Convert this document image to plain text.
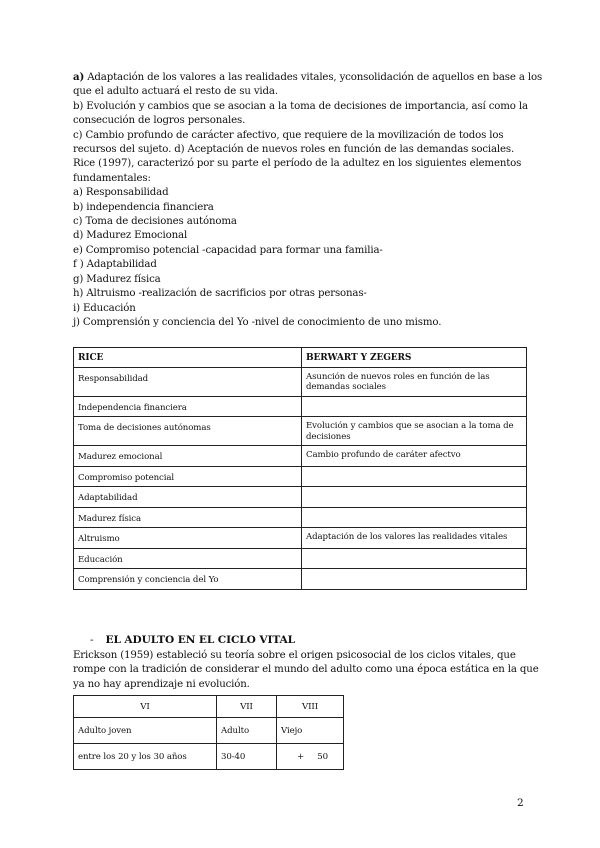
a) Adaptación de los valores a las realidades vitales, yconsolidación de aquellos en base a los
que el adulto actuará el resto de su vida.
b) Evolución y cambios que se asocian a la toma de decisiones de importancia, así como la
consecución de logros personales.
c) Cambio profundo de carácter afectivo, que requiere de la movilización de todos los
recursos del sujeto. d) Aceptación de nuevos roles en función de las demandas sociales.
Rice (1997), caracterizó por su parte el período de la adultez en los siguientes elementos
fundamentales:
a) Responsabilidad
b) independencia financiera
c) Toma de decisiones autónoma
d) Madurez Emocional
e) Compromiso potencial -capacidad para formar una familia-
f ) Adaptabilidad
g) Madurez física
h) Altruismo -realización de sacrificios por otras personas-
i) Educación
j) Comprensión y conciencia del Yo -nivel de conocimiento de uno mismo.
RICE	BERWART Y ZEGERS
Responsabilidad	Asunción de nuevos roles en función de las demandas sociales
Independencia financiera	
Toma de decisiones autónomas	Evolución y cambios que se asocian a la toma de decisiones
Madurez emocional	Cambio profundo de caráter afectvo
Compromiso potencial	
Adaptabilidad	
Madurez física	
Altruismo	Adaptación de los valores las realidades vitales
Educación	
Comprensión y conciencia del Yo	
- EL ADULTO EN EL CICLO VITAL
Erickson (1959) estableció su teoría sobre el origen psicosocial de los ciclos vitales, que
rompe con la tradición de considerar el mundo del adulto como una época estática en la que
ya no hay aprendizaje ni evolución.
VI	VII	VIII
Adulto joven	Adulto	Viejo
entre los 20 y los 30 años	30-40	+     50
2
